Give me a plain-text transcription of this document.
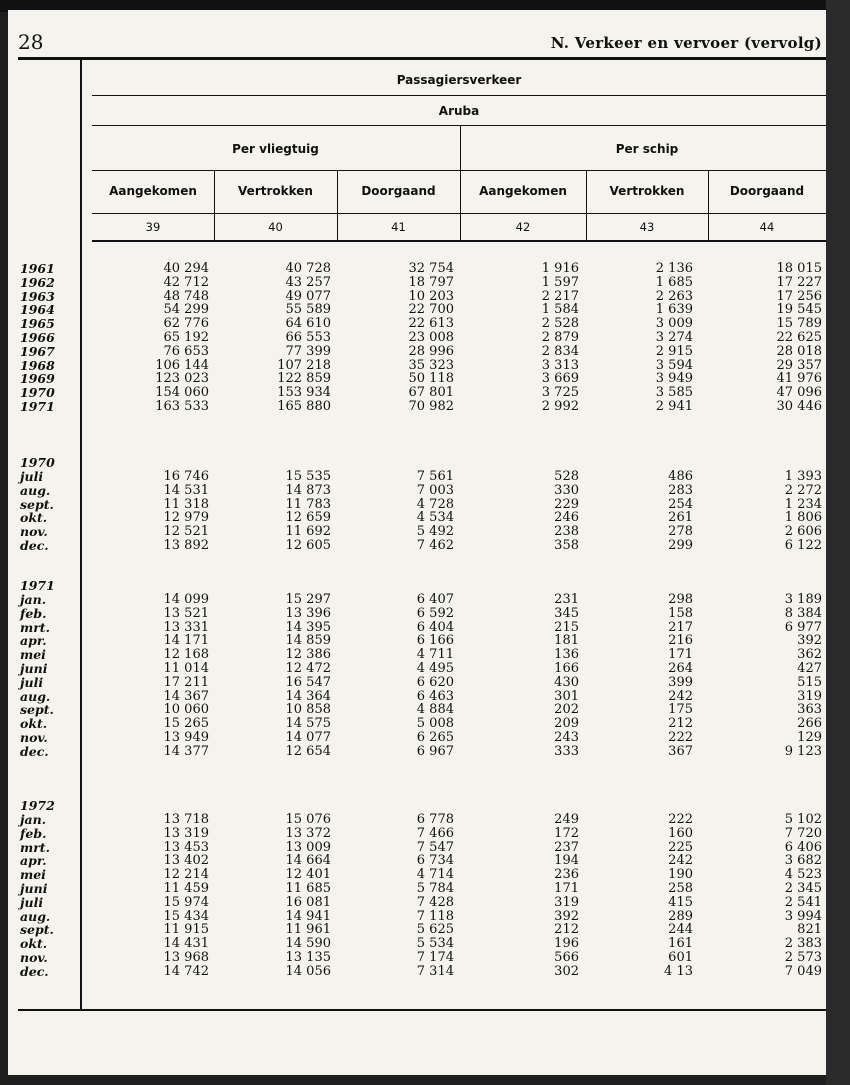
28	N. Verkeer en vervoer (vervolg)
Passagiersverkeer
Aruba
Per vliegtuig	Per schip
Aangekomen	Vertrokken	Doorgaand	Aangekomen	Vertrokken	Doorgaand
39	40	41	42	43	44
1961	40 294	40 728	32 754	1 916	2 136	18 015
1962	42 712	43 257	18 797	1 597	1 685	17 227
1963	48 748	49 077	10 203	2 217	2 263	17 256
1964	54 299	55 589	22 700	1 584	1 639	19 545
1965	62 776	64 610	22 613	2 528	3 009	15 789
1966	65 192	66 553	23 008	2 879	3 274	22 625
1967	76 653	77 399	28 996	2 834	2 915	28 018
1968	106 144	107 218	35 323	3 313	3 594	29 357
1969	123 023	122 859	50 118	3 669	3 949	41 976
1970	154 060	153 934	67 801	3 725	3 585	47 096
1971	163 533	165 880	70 982	2 992	2 941	30 446
1970
juli	16 746	15 535	7 561	528	486	1 393
aug.	14 531	14 873	7 003	330	283	2 272
sept.	11 318	11 783	4 728	229	254	1 234
okt.	12 979	12 659	4 534	246	261	1 806
nov.	12 521	11 692	5 492	238	278	2 606
dec.	13 892	12 605	7 462	358	299	6 122
1971
jan.	14 099	15 297	6 407	231	298	3 189
feb.	13 521	13 396	6 592	345	158	8 384
mrt.	13 331	14 395	6 404	215	217	6 977
apr.	14 171	14 859	6 166	181	216	392
mei	12 168	12 386	4 711	136	171	362
juni	11 014	12 472	4 495	166	264	427
juli	17 211	16 547	6 620	430	399	515
aug.	14 367	14 364	6 463	301	242	319
sept.	10 060	10 858	4 884	202	175	363
okt.	15 265	14 575	5 008	209	212	266
nov.	13 949	14 077	6 265	243	222	129
dec.	14 377	12 654	6 967	333	367	9 123
1972
jan.	13 718	15 076	6 778	249	222	5 102
feb.	13 319	13 372	7 466	172	160	7 720
mrt.	13 453	13 009	7 547	237	225	6 406
apr.	13 402	14 664	6 734	194	242	3 682
mei	12 214	12 401	4 714	236	190	4 523
juni	11 459	11 685	5 784	171	258	2 345
juli	15 974	16 081	7 428	319	415	2 541
aug.	15 434	14 941	7 118	392	289	3 994
sept.	11 915	11 961	5 625	212	244	821
okt.	14 431	14 590	5 534	196	161	2 383
nov.	13 968	13 135	7 174	566	601	2 573
dec.	14 742	14 056	7 314	302	4 13	7 049
